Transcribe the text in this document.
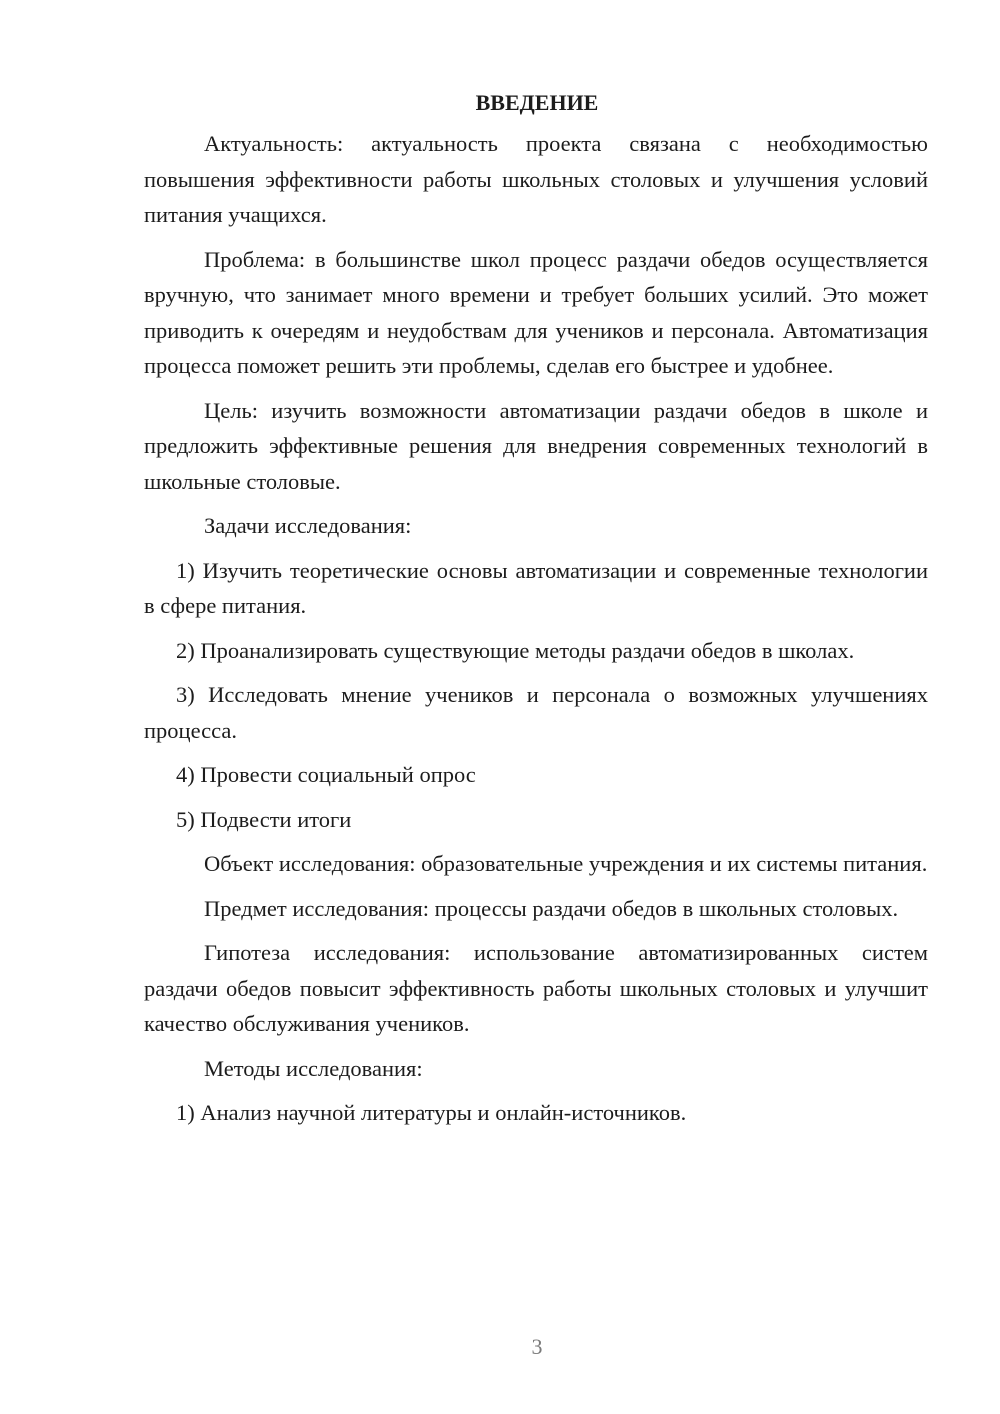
ВВЕДЕНИЕ

Актуальность: актуальность проекта связана с необходимостью повышения эффективности работы школьных столовых и улучшения условий питания учащихся.

Проблема: в большинстве школ процесс раздачи обедов осуществляется вручную, что занимает много времени и требует больших усилий. Это может приводить к очередям и неудобствам для учеников и персонала. Автоматизация процесса поможет решить эти проблемы, сделав его быстрее и удобнее.

Цель: изучить возможности автоматизации раздачи обедов в школе и предложить эффективные решения для внедрения современных технологий в школьные столовые.

Задачи исследования:

1) Изучить теоретические основы автоматизации и современные технологии в сфере питания.

2) Проанализировать существующие методы раздачи обедов в школах.

3) Исследовать мнение учеников и персонала о возможных улучшениях процесса.

4) Провести социальный опрос

5) Подвести итоги

Объект исследования: образовательные учреждения и их системы питания.

Предмет исследования: процессы раздачи обедов в школьных столовых.

Гипотеза исследования: использование автоматизированных систем раздачи обедов повысит эффективность работы школьных столовых и улучшит качество обслуживания учеников.

Методы исследования:

1) Анализ научной литературы и онлайн-источников.

3
